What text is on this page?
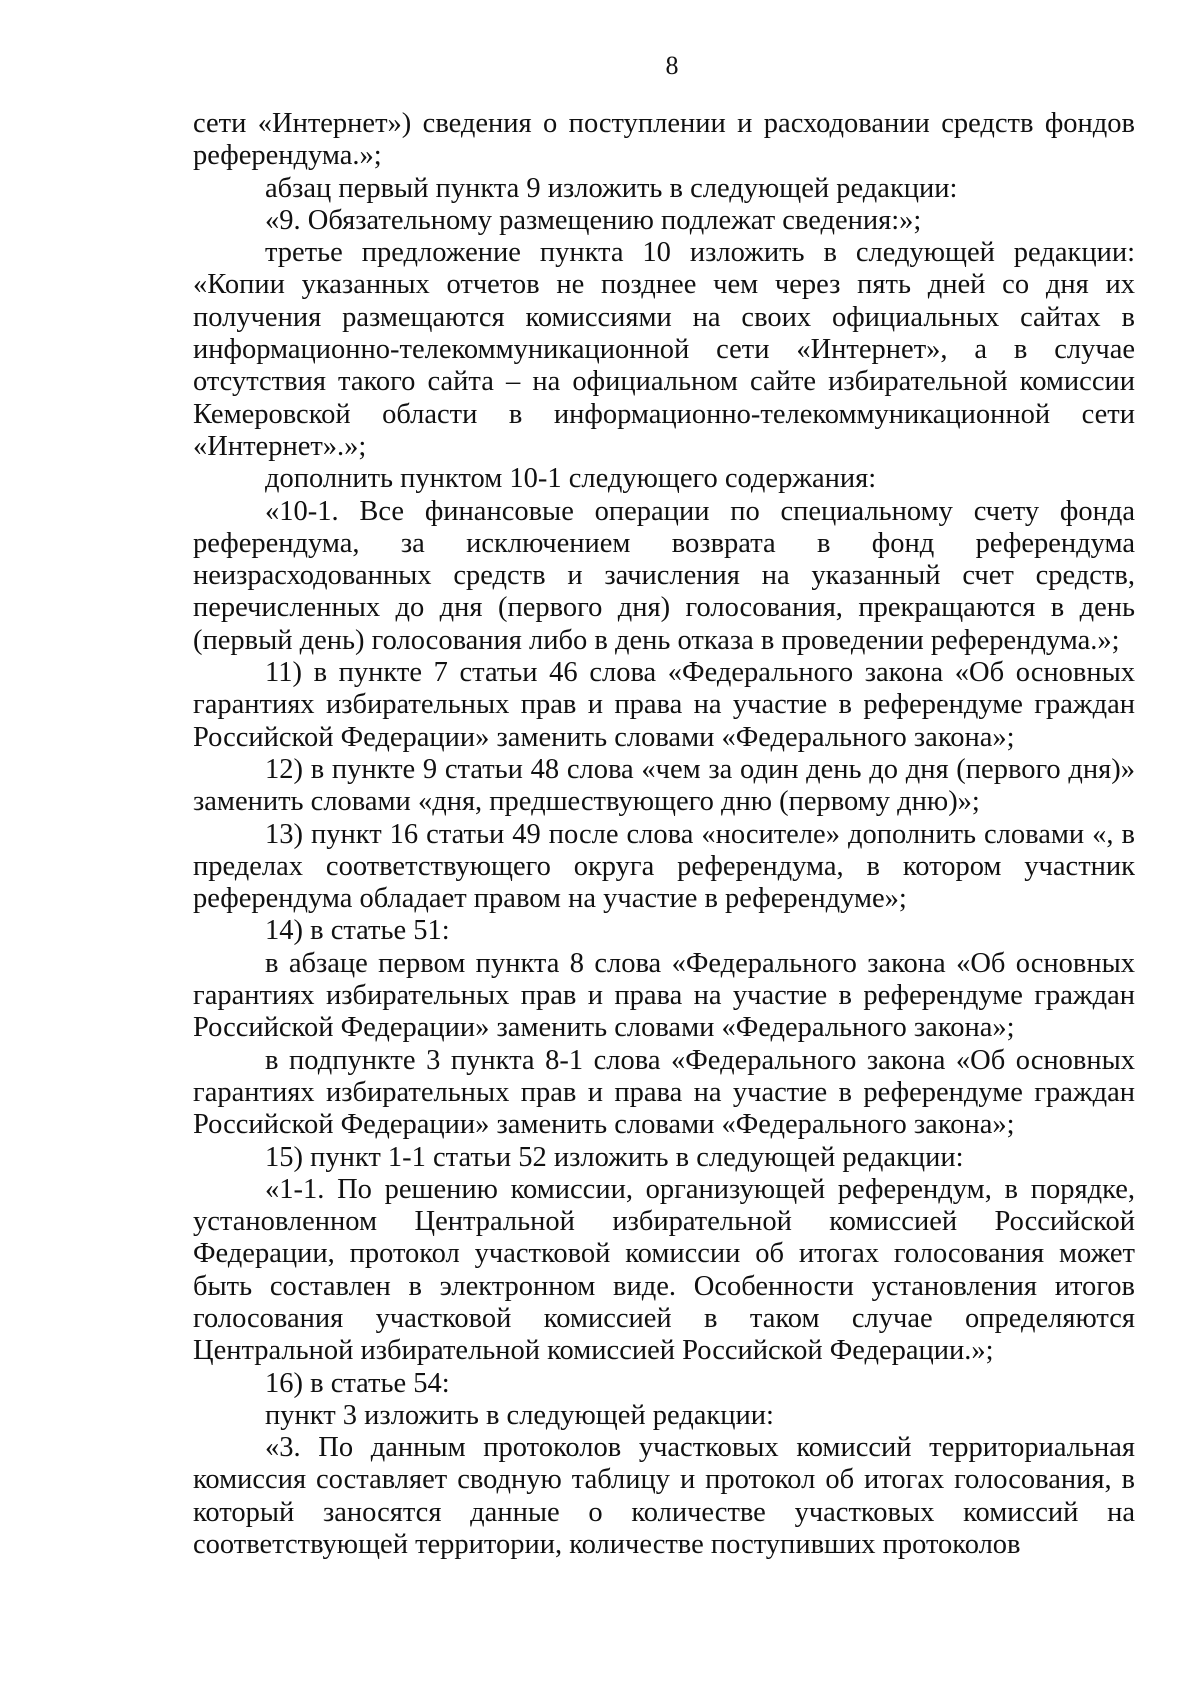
8

сети «Интернет») сведения о поступлении и расходовании средств фондов референдума.»;

абзац первый пункта 9 изложить в следующей редакции:

«9. Обязательному размещению подлежат сведения:»;

третье предложение пункта 10 изложить в следующей редакции: «Копии указанных отчетов не позднее чем через пять дней со дня их получения размещаются комиссиями на своих официальных сайтах в информационно-телекоммуникационной сети «Интернет», а в случае отсутствия такого сайта – на официальном сайте избирательной комиссии Кемеровской области в информационно-телекоммуникационной сети «Интернет».»;

дополнить пунктом 10-1 следующего содержания:

«10-1. Все финансовые операции по специальному счету фонда референдума, за исключением возврата в фонд референдума неизрасходованных средств и зачисления на указанный счет средств, перечисленных до дня (первого дня) голосования, прекращаются в день (первый день) голосования либо в день отказа в проведении референдума.»;

11) в пункте 7 статьи 46 слова «Федерального закона «Об основных гарантиях избирательных прав и права на участие в референдуме граждан Российской Федерации» заменить словами «Федерального закона»;

12) в пункте 9 статьи 48 слова «чем за один день до дня (первого дня)» заменить словами «дня, предшествующего дню (первому дню)»;

13) пункт 16 статьи 49 после слова «носителе» дополнить словами «, в пределах соответствующего округа референдума, в котором участник референдума обладает правом на участие в референдуме»;

14) в статье 51:

в абзаце первом пункта 8 слова «Федерального закона «Об основных гарантиях избирательных прав и права на участие в референдуме граждан Российской Федерации» заменить словами «Федерального закона»;

в подпункте 3 пункта 8-1 слова «Федерального закона «Об основных гарантиях избирательных прав и права на участие в референдуме граждан Российской Федерации» заменить словами «Федерального закона»;

15) пункт 1-1 статьи 52 изложить в следующей редакции:

«1-1. По решению комиссии, организующей референдум, в порядке, установленном Центральной избирательной комиссией Российской Федерации, протокол участковой комиссии об итогах голосования может быть составлен в электронном виде. Особенности установления итогов голосования участковой комиссией в таком случае определяются Центральной избирательной комиссией Российской Федерации.»;

16) в статье 54:

пункт 3 изложить в следующей редакции:

«3. По данным протоколов участковых комиссий территориальная комиссия составляет сводную таблицу и протокол об итогах голосования, в который заносятся данные о количестве участковых комиссий на соответствующей территории, количестве поступивших протоколов
